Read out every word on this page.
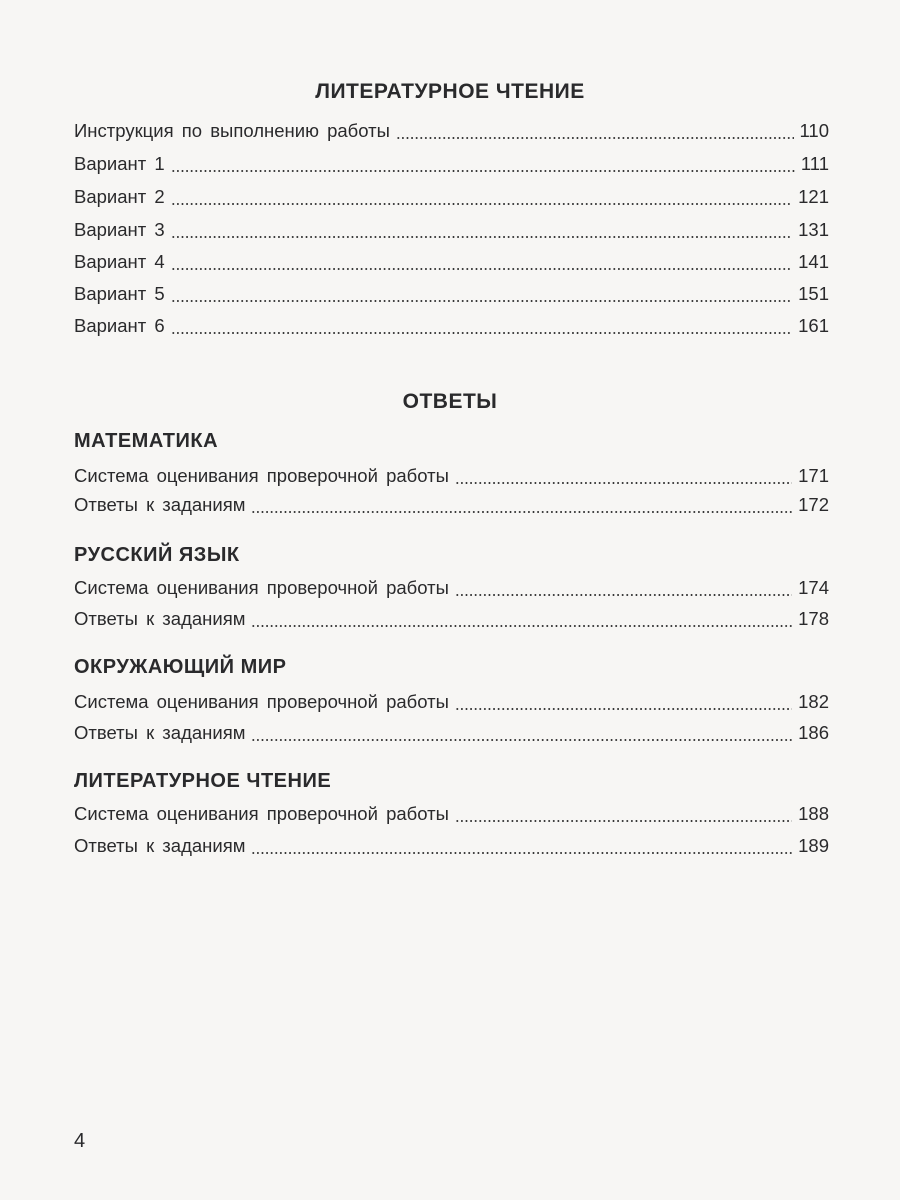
ЛИТЕРАТУРНОЕ ЧТЕНИЕ
Инструкция по выполнению работы	110
Вариант 1	111
Вариант 2	121
Вариант 3	131
Вариант 4	141
Вариант 5	151
Вариант 6	161
ОТВЕТЫ
МАТЕМАТИКА
Система оценивания проверочной работы	171
Ответы к заданиям	172
РУССКИЙ ЯЗЫК
Система оценивания проверочной работы	174
Ответы к заданиям	178
ОКРУЖАЮЩИЙ МИР
Система оценивания проверочной работы	182
Ответы к заданиям	186
ЛИТЕРАТУРНОЕ ЧТЕНИЕ
Система оценивания проверочной работы	188
Ответы к заданиям	189
4
